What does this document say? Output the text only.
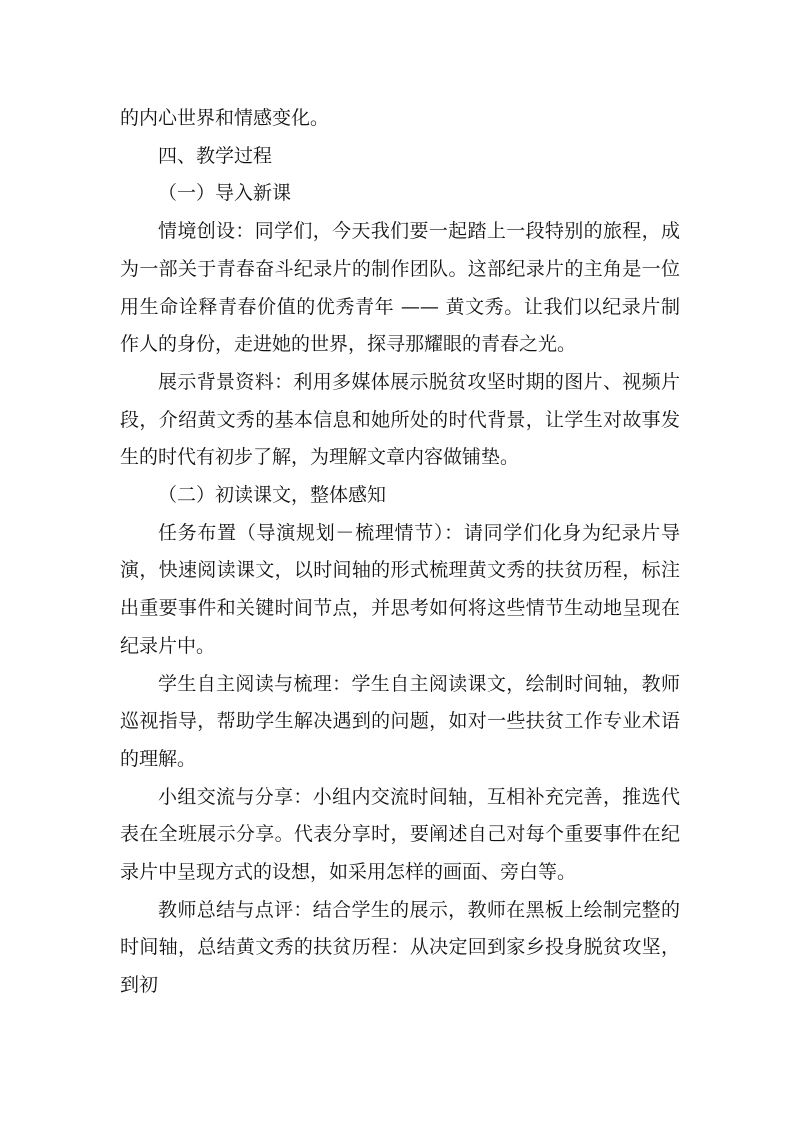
的内心世界和情感变化。

四、教学过程

（一）导入新课

情境创设：同学们，今天我们要一起踏上一段特别的旅程，成为一部关于青春奋斗纪录片的制作团队。这部纪录片的主角是一位用生命诠释青春价值的优秀青年 —— 黄文秀。让我们以纪录片制作人的身份，走进她的世界，探寻那耀眼的青春之光。

展示背景资料：利用多媒体展示脱贫攻坚时期的图片、视频片段，介绍黄文秀的基本信息和她所处的时代背景，让学生对故事发生的时代有初步了解，为理解文章内容做铺垫。

（二）初读课文，整体感知

任务布置（导演规划－梳理情节）：请同学们化身为纪录片导演，快速阅读课文，以时间轴的形式梳理黄文秀的扶贫历程，标注出重要事件和关键时间节点，并思考如何将这些情节生动地呈现在纪录片中。

学生自主阅读与梳理：学生自主阅读课文，绘制时间轴，教师巡视指导，帮助学生解决遇到的问题，如对一些扶贫工作专业术语的理解。

小组交流与分享：小组内交流时间轴，互相补充完善，推选代表在全班展示分享。代表分享时，要阐述自己对每个重要事件在纪录片中呈现方式的设想，如采用怎样的画面、旁白等。

教师总结与点评：结合学生的展示，教师在黑板上绘制完整的时间轴，总结黄文秀的扶贫历程：从决定回到家乡投身脱贫攻坚，到初
